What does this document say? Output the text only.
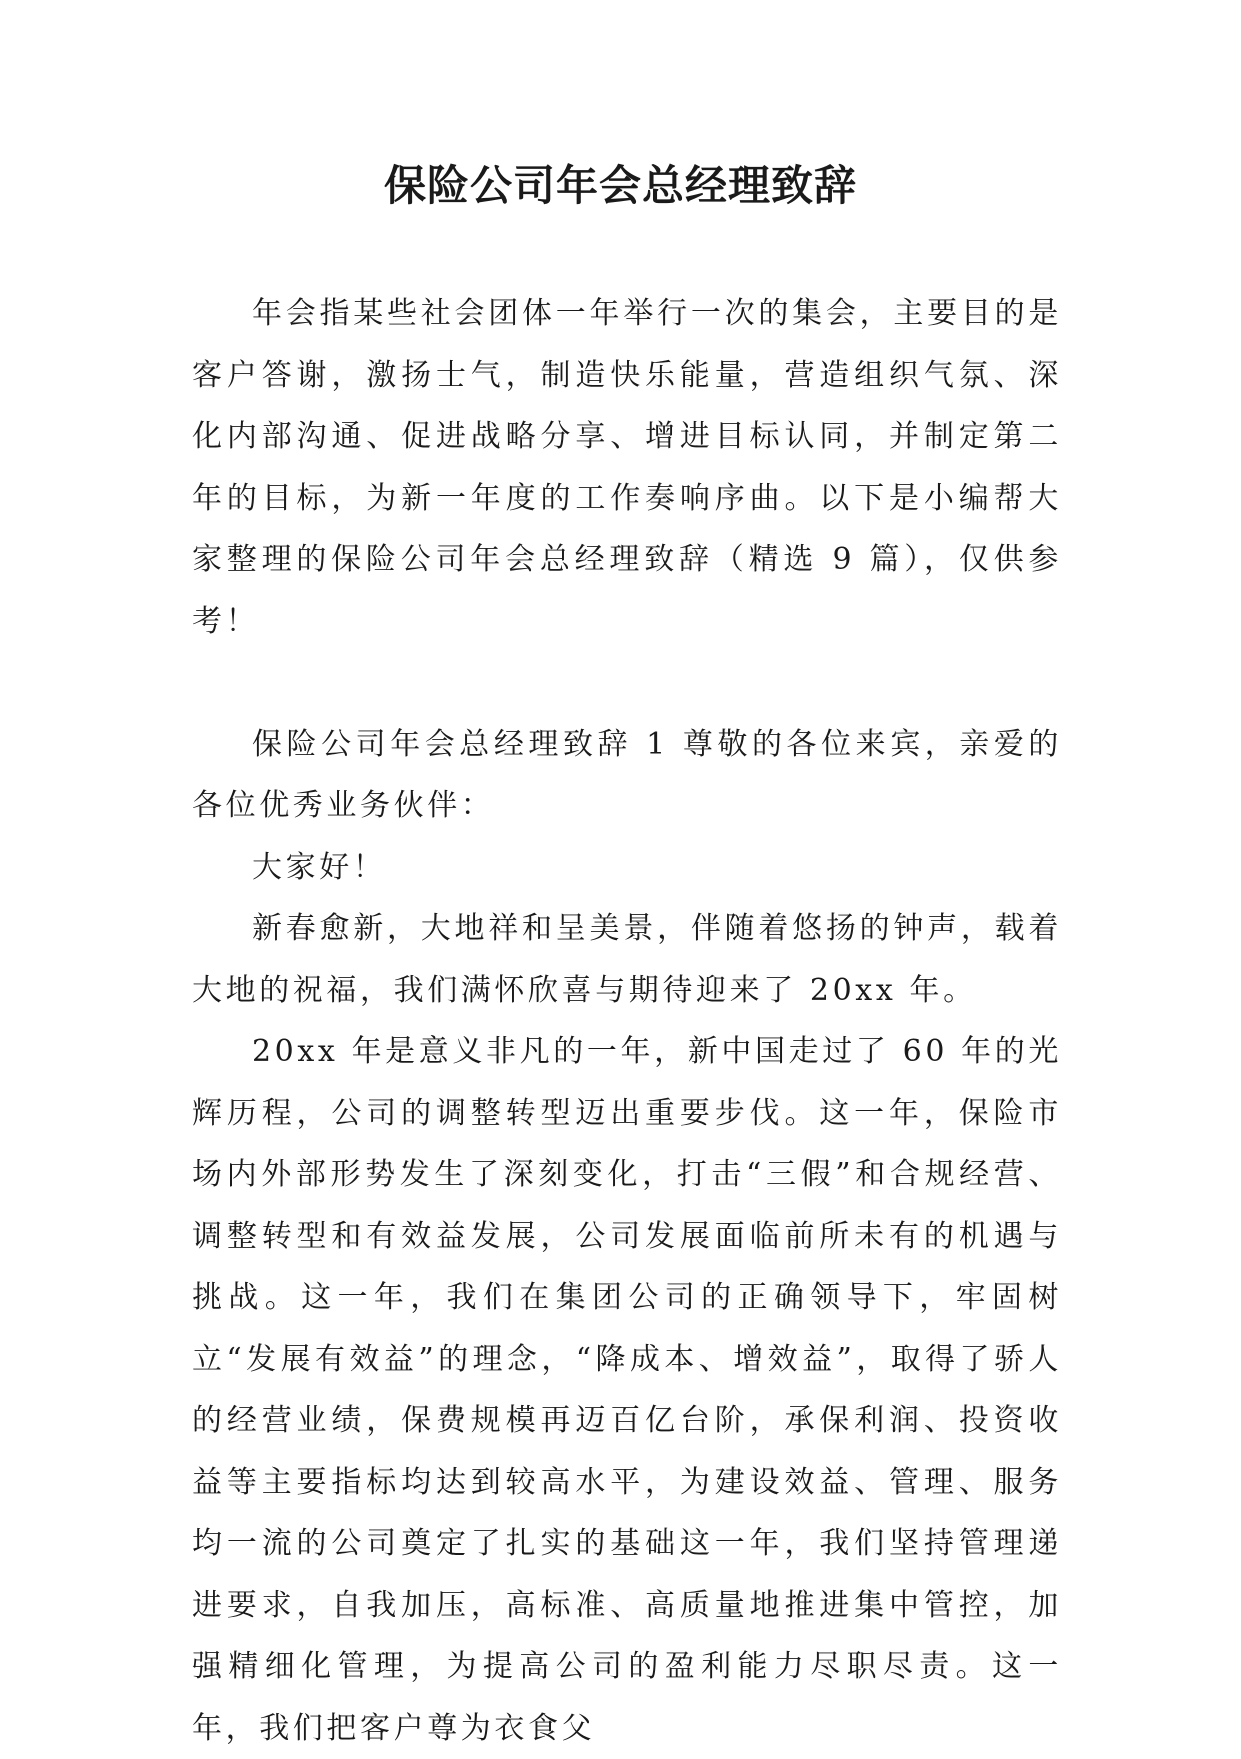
保险公司年会总经理致辞

年会指某些社会团体一年举行一次的集会，主要目的是客户答谢，激扬士气，制造快乐能量，营造组织气氛、深化内部沟通、促进战略分享、增进目标认同，并制定第二年的目标，为新一年度的工作奏响序曲。以下是小编帮大家整理的保险公司年会总经理致辞（精选 9 篇），仅供参考！

保险公司年会总经理致辞 1 尊敬的各位来宾，亲爱的各位优秀业务伙伴：

大家好！

新春愈新，大地祥和呈美景，伴随着悠扬的钟声，载着大地的祝福，我们满怀欣喜与期待迎来了 20xx 年。

20xx 年是意义非凡的一年，新中国走过了 60 年的光辉历程，公司的调整转型迈出重要步伐。这一年，保险市场内外部形势发生了深刻变化，打击“三假”和合规经营、调整转型和有效益发展，公司发展面临前所未有的机遇与挑战。这一年，我们在集团公司的正确领导下，牢固树立“发展有效益”的理念，“降成本、增效益”，取得了骄人的经营业绩，保费规模再迈百亿台阶，承保利润、投资收益等主要指标均达到较高水平，为建设效益、管理、服务均一流的公司奠定了扎实的基础这一年，我们坚持管理递进要求，自我加压，高标准、高质量地推进集中管控，加强精细化管理，为提高公司的盈利能力尽职尽责。这一年，我们把客户尊为衣食父
